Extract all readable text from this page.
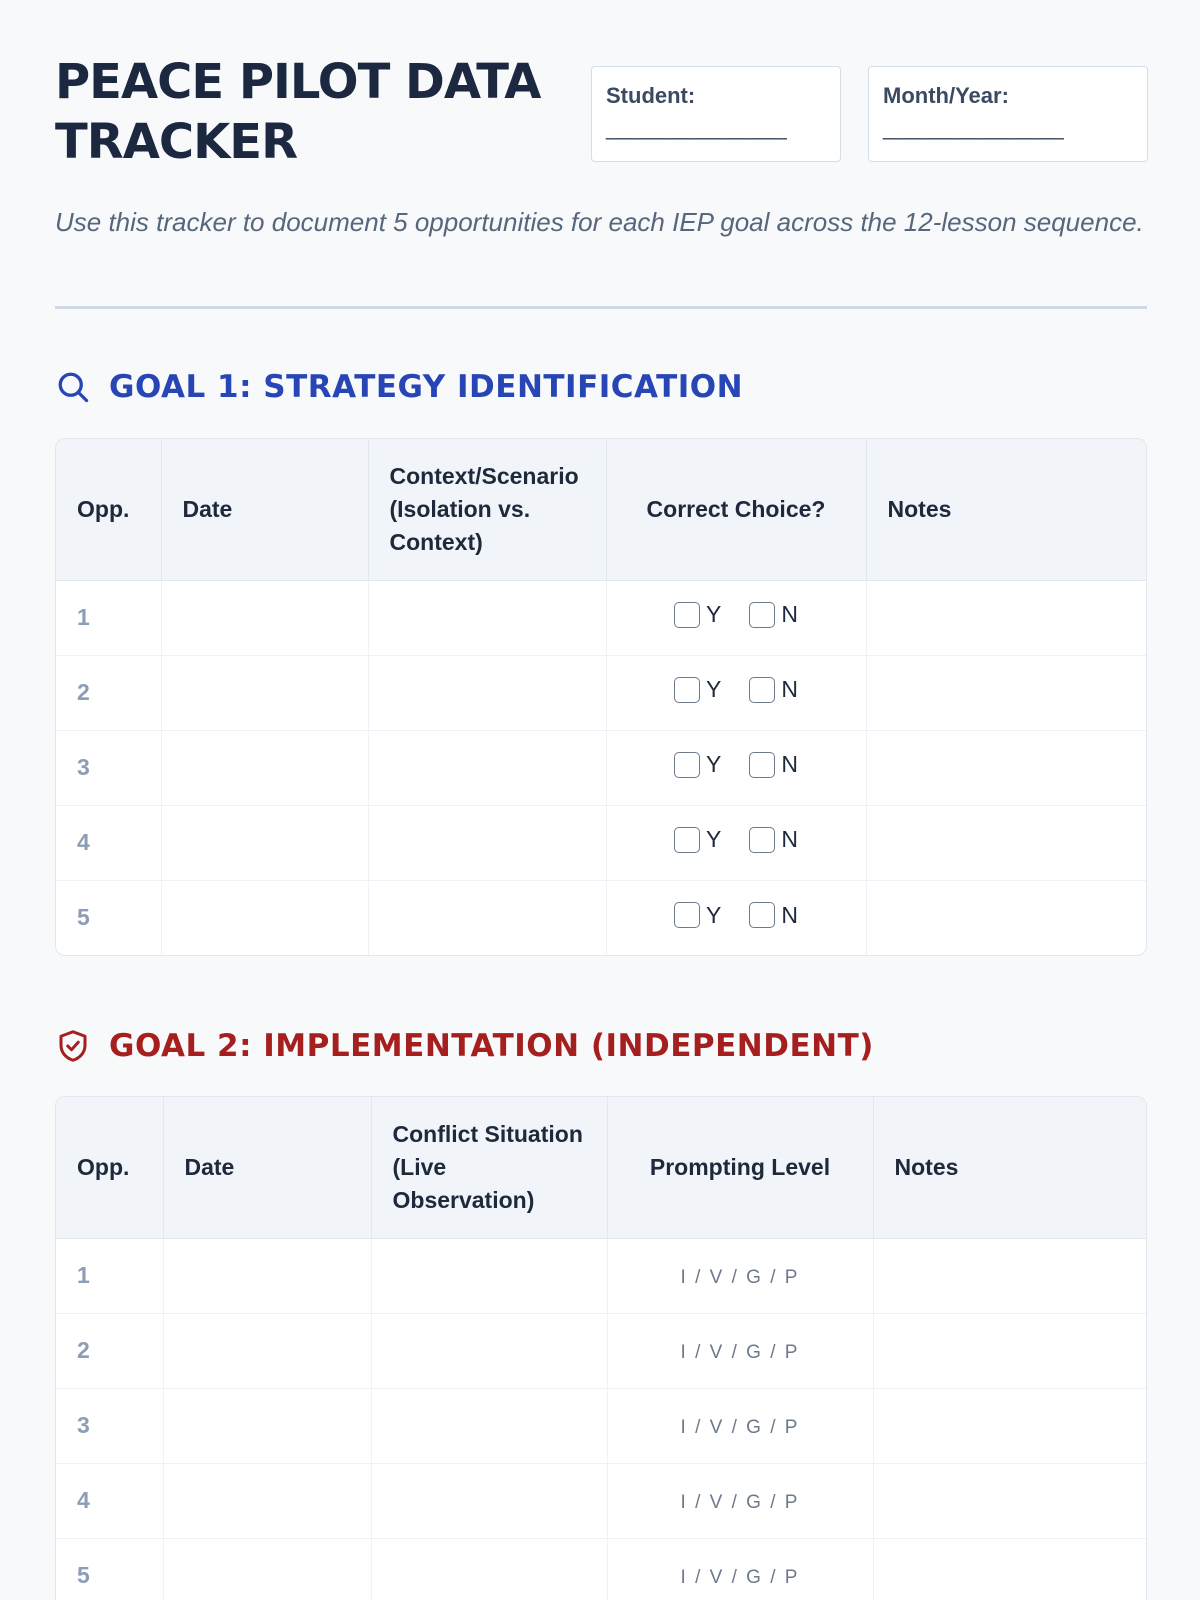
PEACE PILOT DATA TRACKER
Student:
________________
Month/Year:
________________

Use this tracker to document 5 opportunities for each IEP goal across the 12-lesson sequence.

GOAL 1: STRATEGY IDENTIFICATION
Opp.	Date	Context/Scenario (Isolation vs. Context)	Correct Choice?	Notes
1			Y N	

2			Y N	

3			Y N	

4			Y N	

5			Y N	

GOAL 2: IMPLEMENTATION (INDEPENDENT)
Opp.	Date	Conflict Situation (Live Observation)	Prompting Level	Notes
1			I / V / G / P	
2			I / V / G / P	
3			I / V / G / P	
4			I / V / G / P	
5			I / V / G / P	
